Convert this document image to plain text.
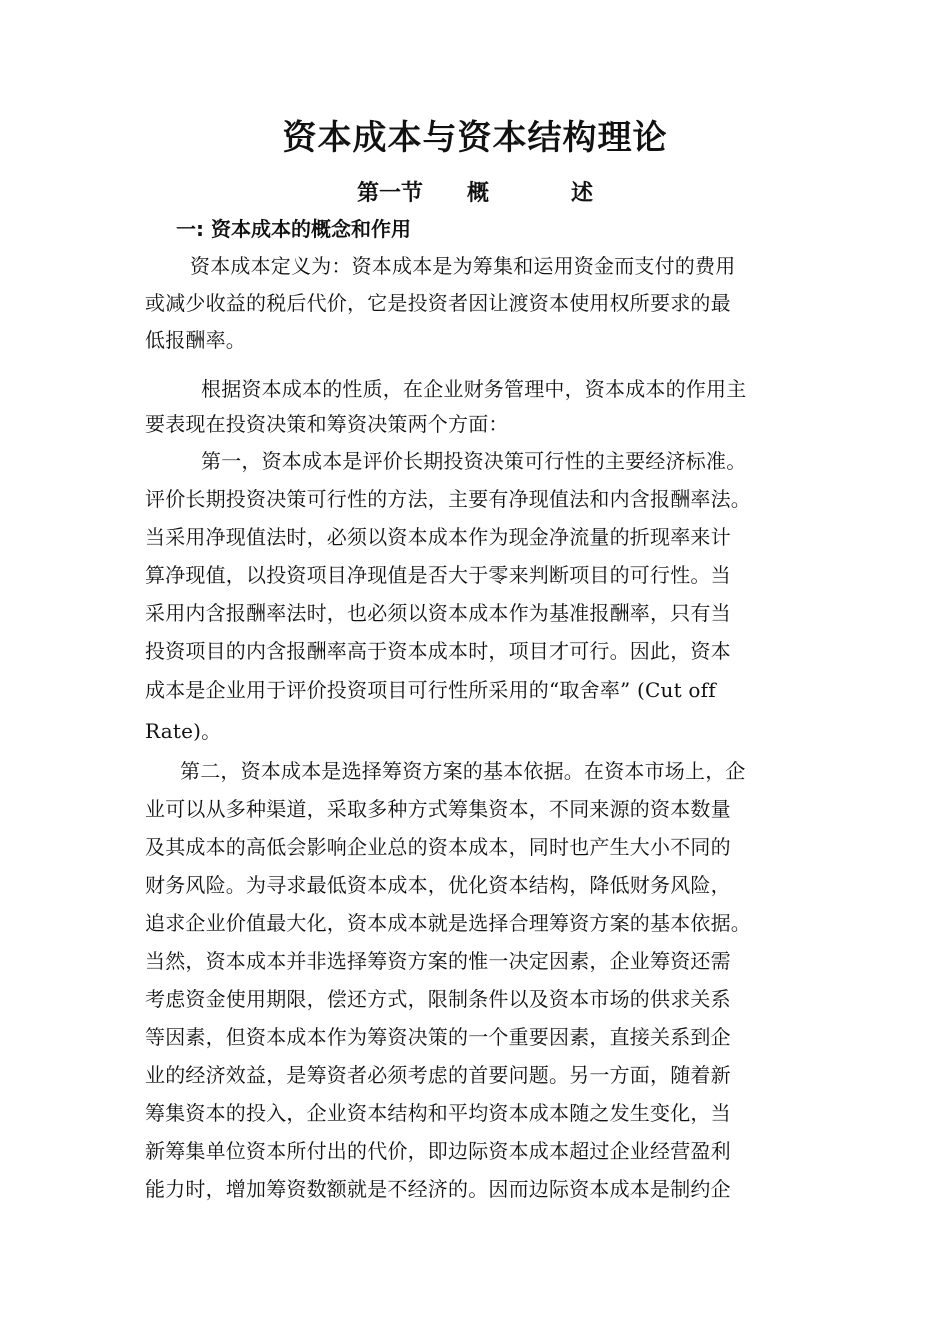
资本成本与资本结构理论
第一节 概	述
一: 资本成本的概念和作用
资本成本定义为：资本成本是为筹集和运用资金而支付的费用
或减少收益的税后代价，它是投资者因让渡资本使用权所要求的最
低报酬率。
根据资本成本的性质，在企业财务管理中，资本成本的作用主
要表现在投资决策和筹资决策两个方面：
第一，资本成本是评价长期投资决策可行性的主要经济标准。
评价长期投资决策可行性的方法，主要有净现值法和内含报酬率法。
当采用净现值法时，必须以资本成本作为现金净流量的折现率来计
算净现值，以投资项目净现值是否大于零来判断项目的可行性。当
采用内含报酬率法时，也必须以资本成本作为基准报酬率，只有当
投资项目的内含报酬率高于资本成本时，项目才可行。因此，资本
成本是企业用于评价投资项目可行性所采用的“取舍率” (Cut off
Rate)。
第二，资本成本是选择筹资方案的基本依据。在资本市场上，企
业可以从多种渠道，采取多种方式筹集资本，不同来源的资本数量
及其成本的高低会影响企业总的资本成本，同时也产生大小不同的
财务风险。为寻求最低资本成本，优化资本结构，降低财务风险，
追求企业价值最大化，资本成本就是选择合理筹资方案的基本依据。
当然，资本成本并非选择筹资方案的惟一决定因素，企业筹资还需
考虑资金使用期限，偿还方式，限制条件以及资本市场的供求关系
等因素，但资本成本作为筹资决策的一个重要因素，直接关系到企
业的经济效益，是筹资者必须考虑的首要问题。另一方面，随着新
筹集资本的投入，企业资本结构和平均资本成本随之发生变化，当
新筹集单位资本所付出的代价，即边际资本成本超过企业经营盈利
能力时，增加筹资数额就是不经济的。因而边际资本成本是制约企
